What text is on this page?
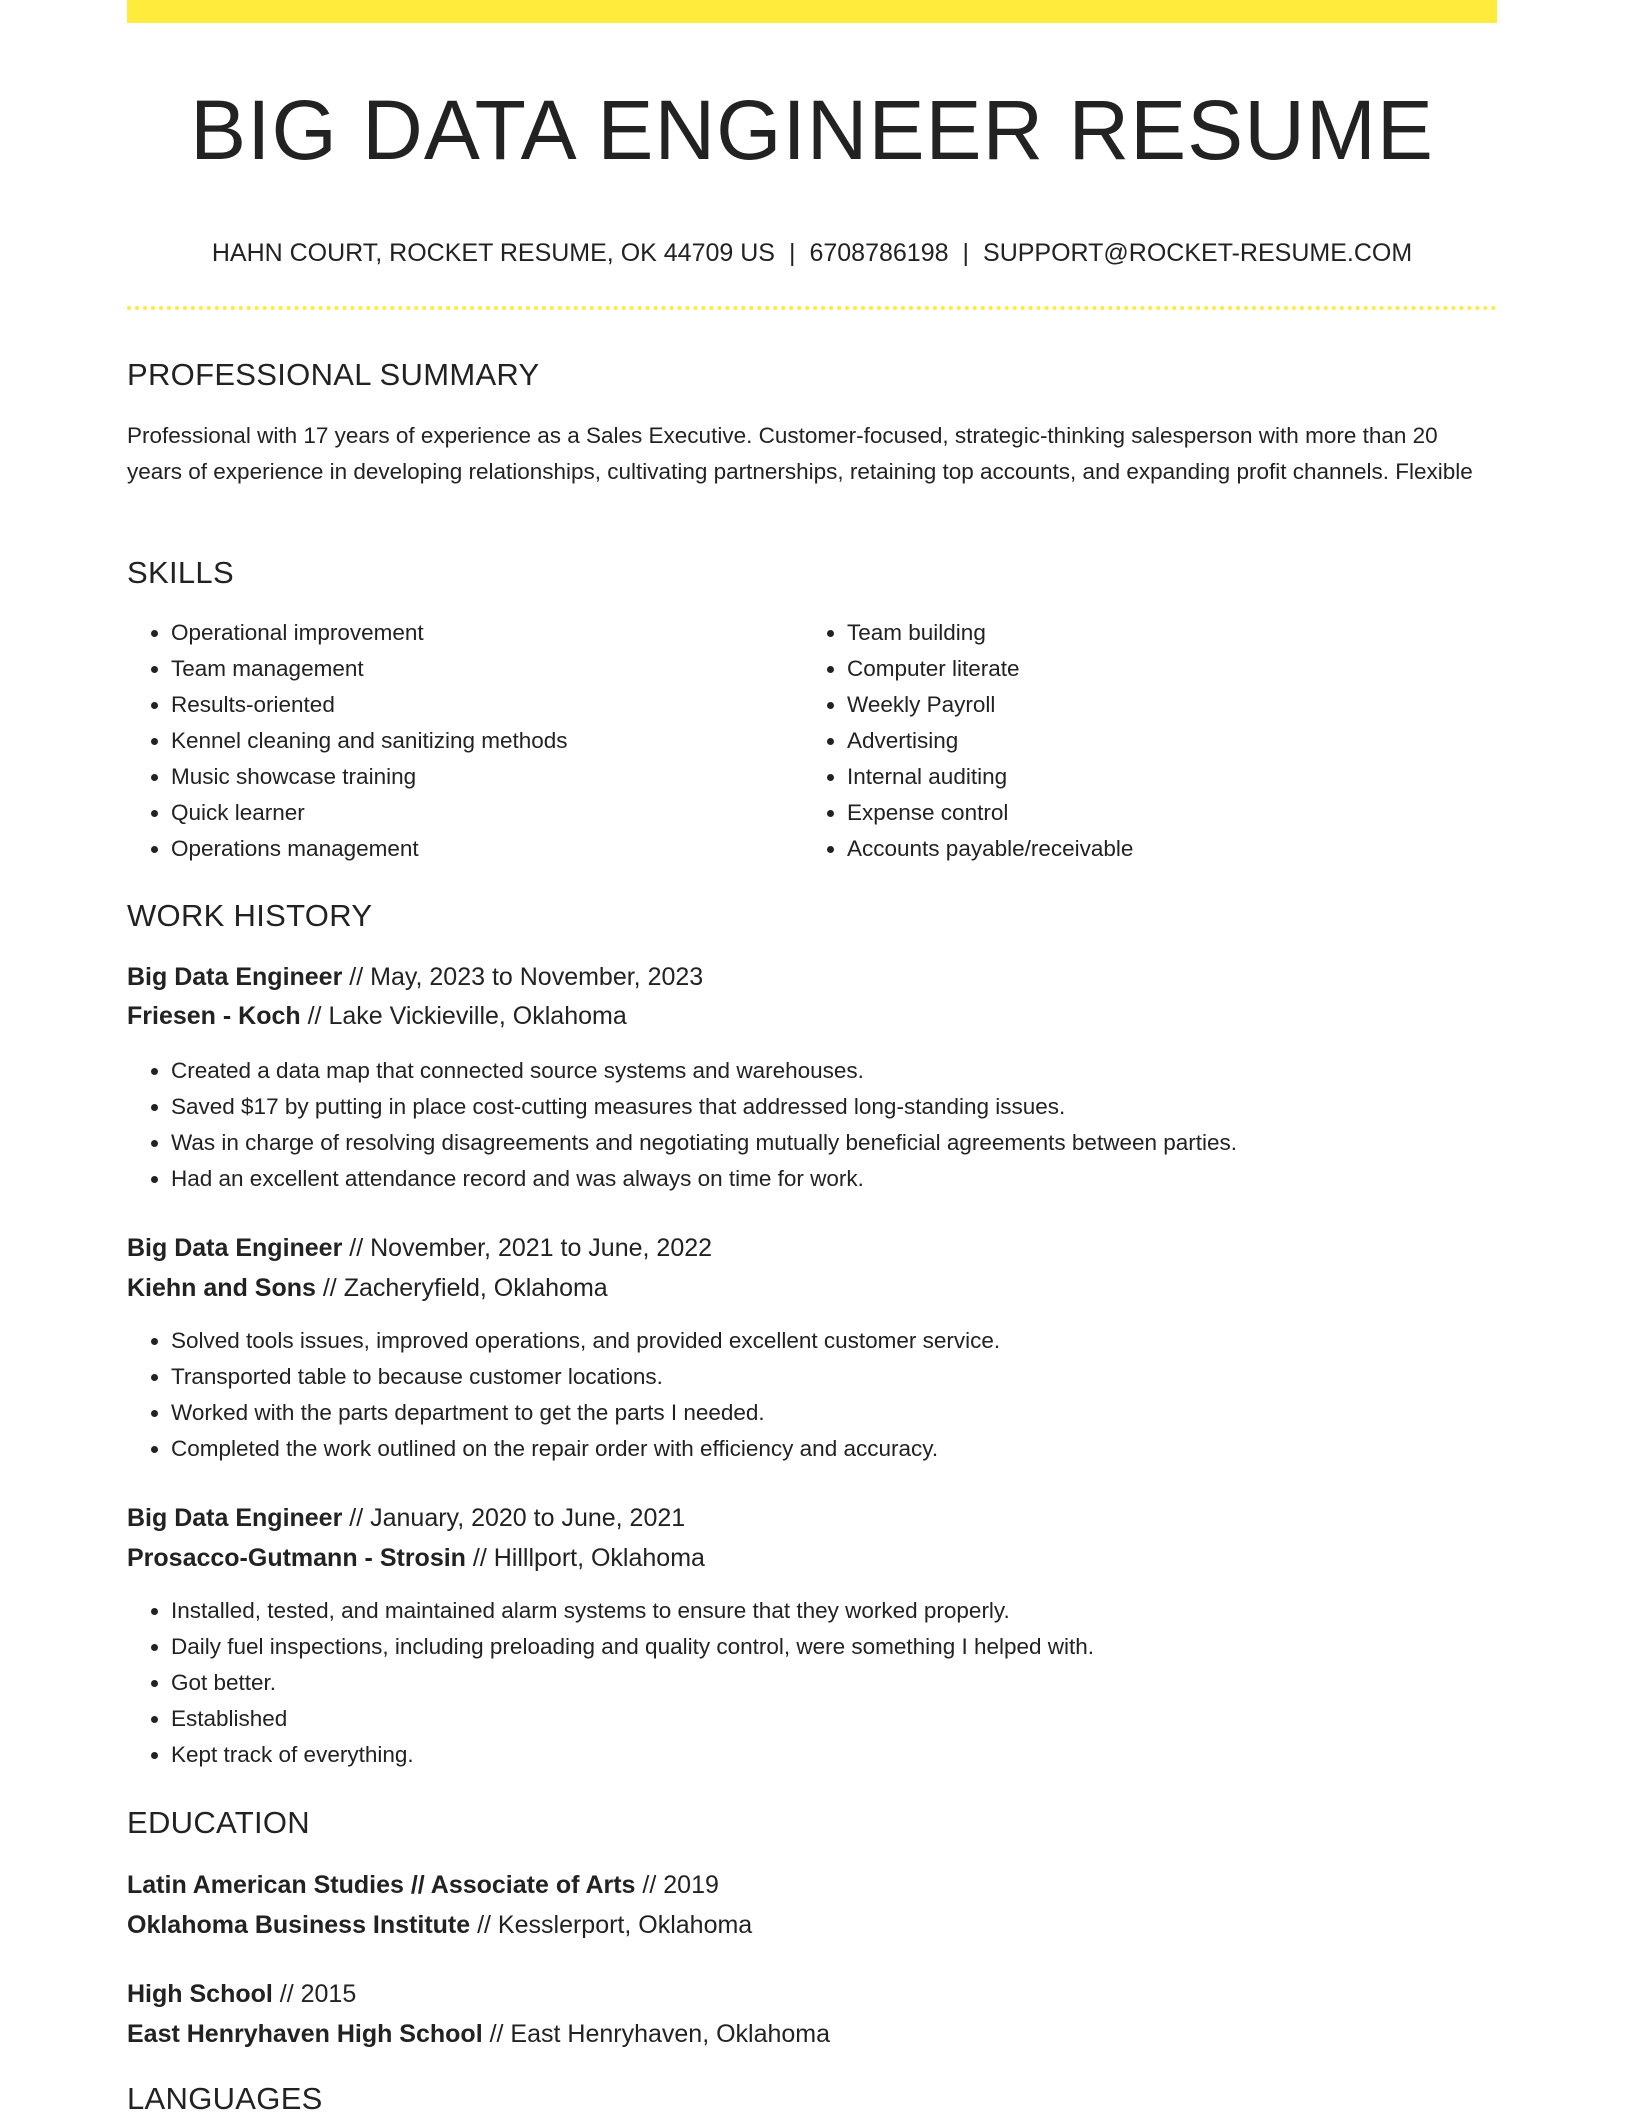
BIG DATA ENGINEER RESUME
HAHN COURT, ROCKET RESUME, OK 44709 US | 6708786198 | SUPPORT@ROCKET-RESUME.COM
PROFESSIONAL SUMMARY
Professional with 17 years of experience as a Sales Executive. Customer-focused, strategic-thinking salesperson with more than 20 years of experience in developing relationships, cultivating partnerships, retaining top accounts, and expanding profit channels. Flexible
SKILLS
• Operational improvement
• Team management
• Results-oriented
• Kennel cleaning and sanitizing methods
• Music showcase training
• Quick learner
• Operations management
• Team building
• Computer literate
• Weekly Payroll
• Advertising
• Internal auditing
• Expense control
• Accounts payable/receivable
WORK HISTORY
Big Data Engineer // May, 2023 to November, 2023
Friesen - Koch // Lake Vickieville, Oklahoma
• Created a data map that connected source systems and warehouses.
• Saved $17 by putting in place cost-cutting measures that addressed long-standing issues.
• Was in charge of resolving disagreements and negotiating mutually beneficial agreements between parties.
• Had an excellent attendance record and was always on time for work.
Big Data Engineer // November, 2021 to June, 2022
Kiehn and Sons // Zacheryfield, Oklahoma
• Solved tools issues, improved operations, and provided excellent customer service.
• Transported table to because customer locations.
• Worked with the parts department to get the parts I needed.
• Completed the work outlined on the repair order with efficiency and accuracy.
Big Data Engineer // January, 2020 to June, 2021
Prosacco-Gutmann - Strosin // Hilllport, Oklahoma
• Installed, tested, and maintained alarm systems to ensure that they worked properly.
• Daily fuel inspections, including preloading and quality control, were something I helped with.
• Got better.
• Established
• Kept track of everything.
EDUCATION
Latin American Studies // Associate of Arts // 2019
Oklahoma Business Institute // Kesslerport, Oklahoma
High School // 2015
East Henryhaven High School // East Henryhaven, Oklahoma
LANGUAGES
